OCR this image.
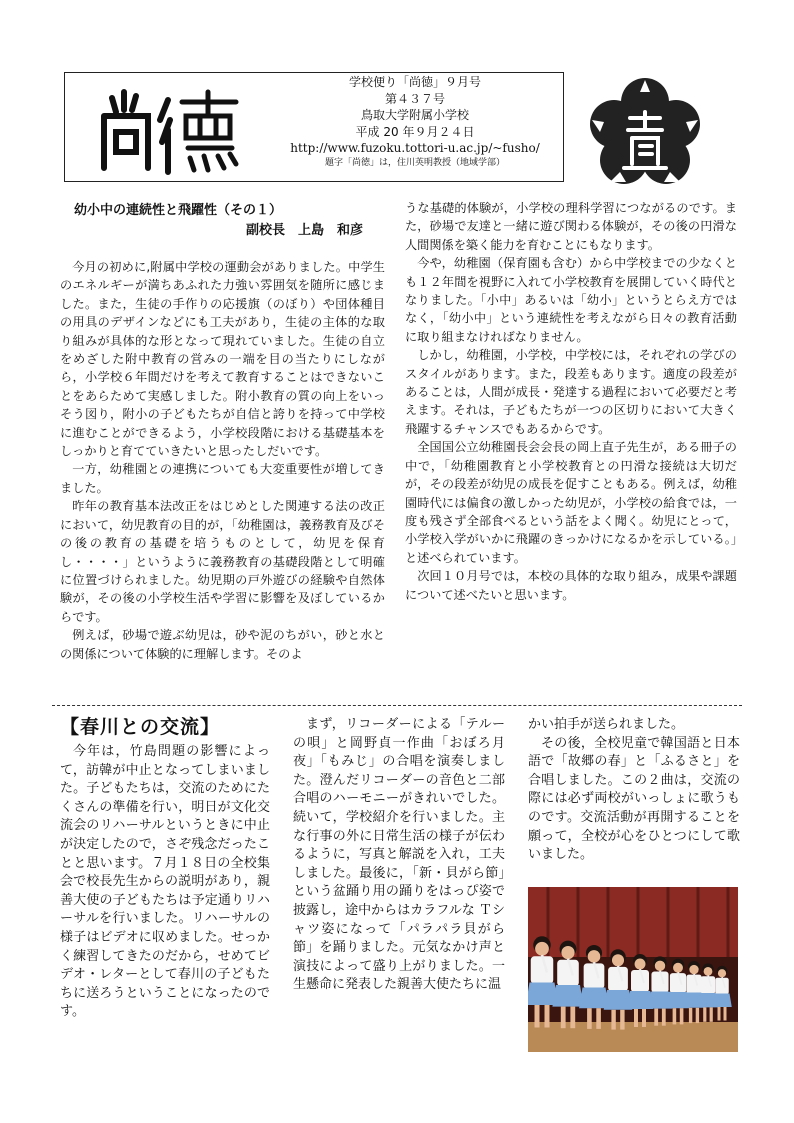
学校便り「尚徳」９月号
第４３７号
鳥取大学附属小学校
平成 20 年９月２４日
http://www.fuzoku.tottori-u.ac.jp/~fusho/
題字「尚徳」は，住川英明教授（地域学部）
幼小中の連続性と飛躍性（その１）
副校長　上島　和彦

今月の初めに,附属中学校の運動会がありました。中学生のエネルギーが満ちあふれた力強い雰囲気を随所に感じました。また，生徒の手作りの応援旗（のぼり）や団体種目の用具のデザインなどにも工夫があり，生徒の主体的な取り組みが具体的な形となって現れていました。生徒の自立をめざした附中教育の営みの一端を目の当たりにしながら，小学校６年間だけを考えて教育することはできないことをあらためて実感しました。附小教育の質の向上をいっそう図り，附小の子どもたちが自信と誇りを持って中学校に進むことができるよう，小学校段階における基礎基本をしっかりと育てていきたいと思ったしだいです。

一方，幼稚園との連携についても大変重要性が増してきました。

昨年の教育基本法改正をはじめとした関連する法の改正において，幼児教育の目的が，「幼稚園は，義務教育及びその後の教育の基礎を培うものとして，幼児を保育し・・・・」というように義務教育の基礎段階として明確に位置づけられました。幼児期の戸外遊びの経験や自然体験が，その後の小学校生活や学習に影響を及ぼしているからです。

例えば，砂場で遊ぶ幼児は，砂や泥のちがい，砂と水との関係について体験的に理解します。そのよ

うな基礎的体験が，小学校の理科学習につながるのです。また，砂場で友達と一緒に遊び関わる体験が，その後の円滑な人間関係を築く能力を育むことにもなります。

今や，幼稚園（保育園も含む）から中学校までの少なくとも１２年間を視野に入れて小学校教育を展開していく時代となりました。「小中」あるいは「幼小」というとらえ方ではなく，「幼小中」という連続性を考えながら日々の教育活動に取り組まなければなりません。

しかし，幼稚園，小学校，中学校には，それぞれの学びのスタイルがあります。また，段差もあります。適度の段差があることは，人間が成長・発達する過程において必要だと考えます。それは，子どもたちが一つの区切りにおいて大きく飛躍するチャンスでもあるからです。

全国国公立幼稚園長会会長の岡上直子先生が，ある冊子の中で，「幼稚園教育と小学校教育との円滑な接続は大切だが，その段差が幼児の成長を促すこともある。例えば，幼稚園時代には偏食の激しかった幼児が，小学校の給食では，一度も残さず全部食べるという話をよく聞く。幼児にとって，小学校入学がいかに飛躍のきっかけになるかを示している。」と述べられています。

次回１０月号では，本校の具体的な取り組み，成果や課題について述べたいと思います。

【春川との交流】

今年は，竹島問題の影響によって，訪韓が中止となってしまいました。子どもたちは，交流のためにたくさんの準備を行い，明日が文化交流会のリハーサルというときに中止が決定したので，さぞ残念だったことと思います。７月１８日の全校集会で校長先生からの説明があり，親善大使の子どもたちは予定通りリハーサルを行いました。リハーサルの様子はビデオに収めました。せっかく練習してきたのだから，せめてビデオ・レターとして春川の子どもたちに送ろうということになったのです。

まず，リコーダーによる「テルーの唄」と岡野貞一作曲「おぼろ月夜」「もみじ」の合唱を演奏しました。澄んだリコーダーの音色と二部合唱のハーモニーがきれいでした。続いて，学校紹介を行いました。主な行事の外に日常生活の様子が伝わるように，写真と解説を入れ，工夫しました。最後に，「新・貝がら節」という盆踊り用の踊りをはっぴ姿で披露し，途中からはカラフルな Ｔシャツ姿になって「パラパラ貝がら節」を踊りました。元気なかけ声と演技によって盛り上がりました。一生懸命に発表した親善大使たちに温

かい拍手が送られました。

その後，全校児童で韓国語と日本語で「故郷の春」と「ふるさと」を合唱しました。この２曲は，交流の際には必ず両校がいっしょに歌うものです。交流活動が再開することを願って，全校が心をひとつにして歌いました。
